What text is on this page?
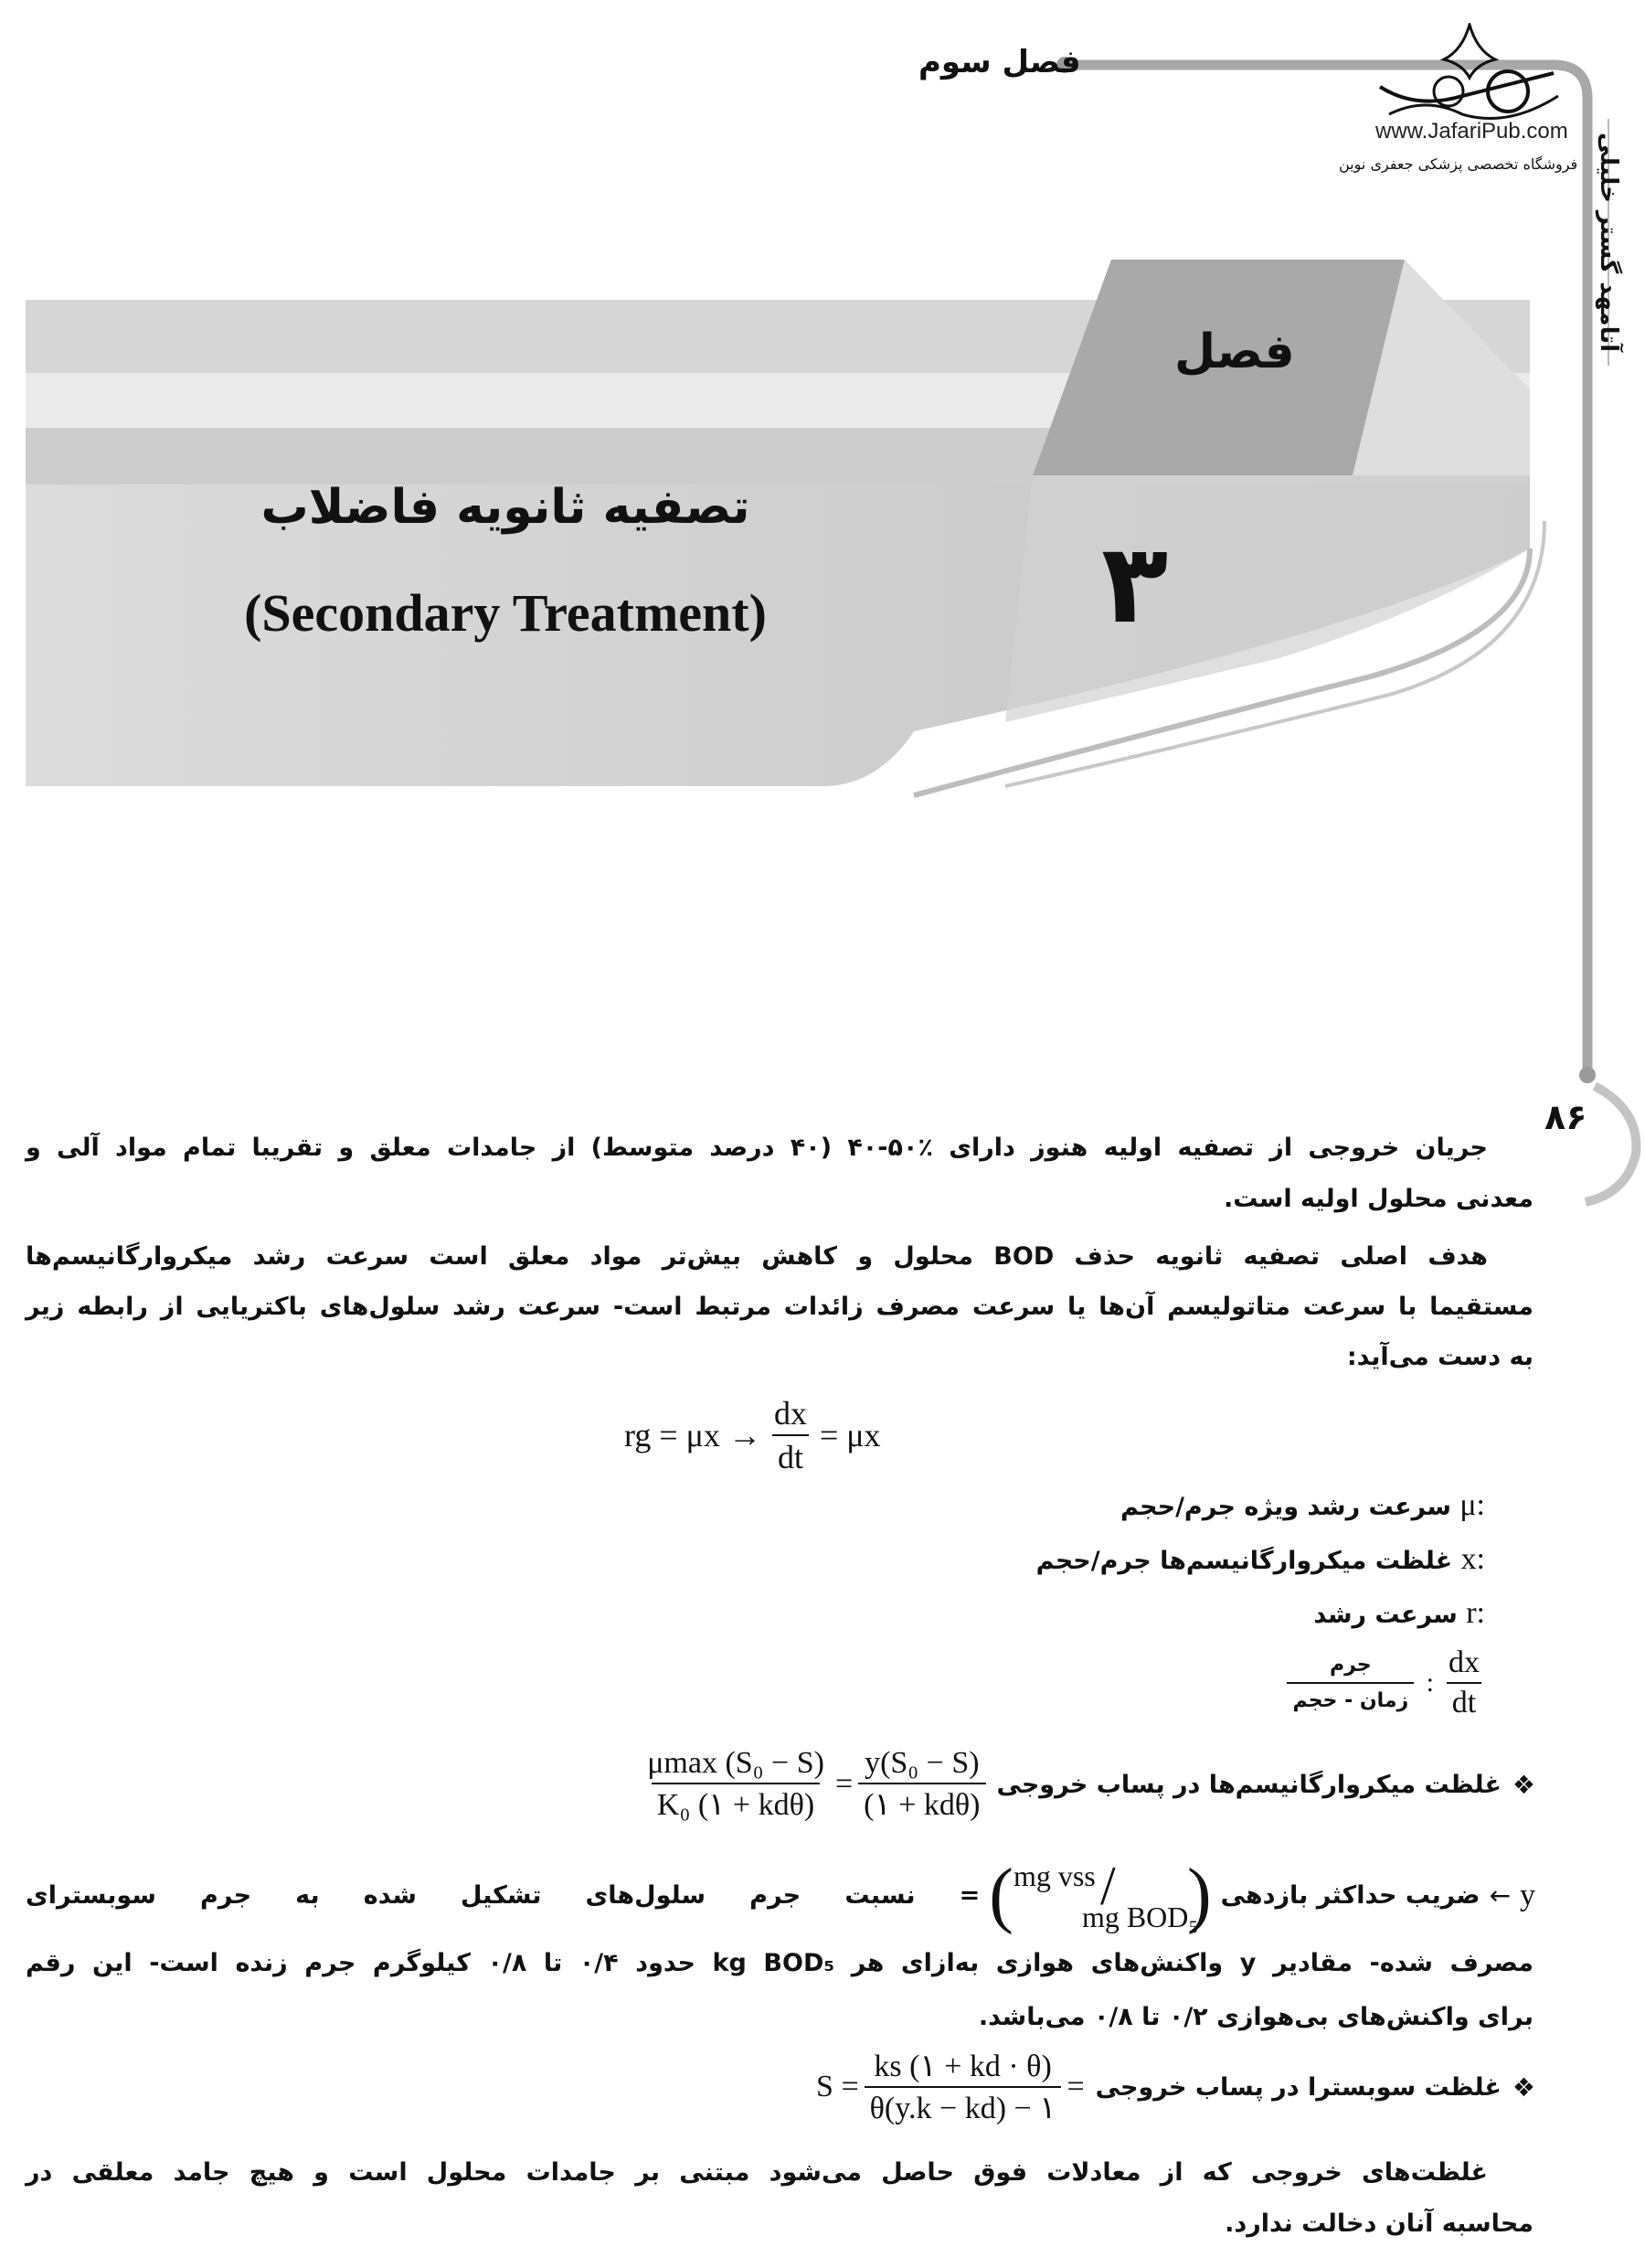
فصل سوم
www.JafariPub.com
فروشگاه تخصصی پزشکی جعفری نوین آتامهد گستر خلیلی
فصل
۳
تصفیه ثانویه فاضلاب
(Secondary Treatment)
۸۶
جریان خروجی از تصفیه اولیه هنوز دارای ٪۵۰-۴۰ (۴۰ درصد متوسط) از جامدات معلق و تقریبا تمام مواد آلی و
معدنی محلول اولیه است.
هدف اصلی تصفیه ثانویه حذف BOD محلول و کاهش بیش‌تر مواد معلق است سرعت رشد میکروارگانیسم‌ها
مستقیما با سرعت متاتولیسم آن‌ها یا سرعت مصرف زائدات مرتبط است- سرعت رشد سلول‌های باکتریایی از رابطه زیر
به دست می‌آید:
rg = $\mu x \to \frac{dx}{dt} = \mu x$
μ: سرعت رشد ویژه جرم/حجم
x: غلظت میکروارگانیسم‌ها جرم/حجم
r: سرعت رشد
$\frac{dx}{dt}$
:
$\frac{\text{جرم}}{\text{زمان - حجم}}$
❖
غلظت میکروارگانیسم‌ها در پساب خروجی
$\frac{\text{μmax (S₀ − S)}}{\text{K₀ (۱ + kdθ)}} = \frac{\text{y(S₀ − S)}}{\text{(۱ + kdθ)}}$
y
←
ضریب حداکثر بازدهی
( mg vss /
mg BOD₅
)
= نسبت جرم سلول‌های تشکیل شده به جرم سوبسترای
مصرف شده- مقادیر y واکنش‌های هوازی به‌ازای هر kg BOD₅ حدود ۰/۴ تا ۰/۸ کیلوگرم جرم زنده است- این رقم
برای واکنش‌های بی‌هوازی ۰/۲ تا ۰/۸ می‌باشد.
❖
غلظت سوبسترا در پساب خروجی
$S = \frac{ks (۱ + kd \cdot \theta)}{\theta(y.k - kd) - ۱}$ =
غلظت‌های خروجی که از معادلات فوق حاصل می‌شود مبتنی بر جامدات محلول است و هیچ جامد معلقی در
محاسبه آنان دخالت ندارد.
